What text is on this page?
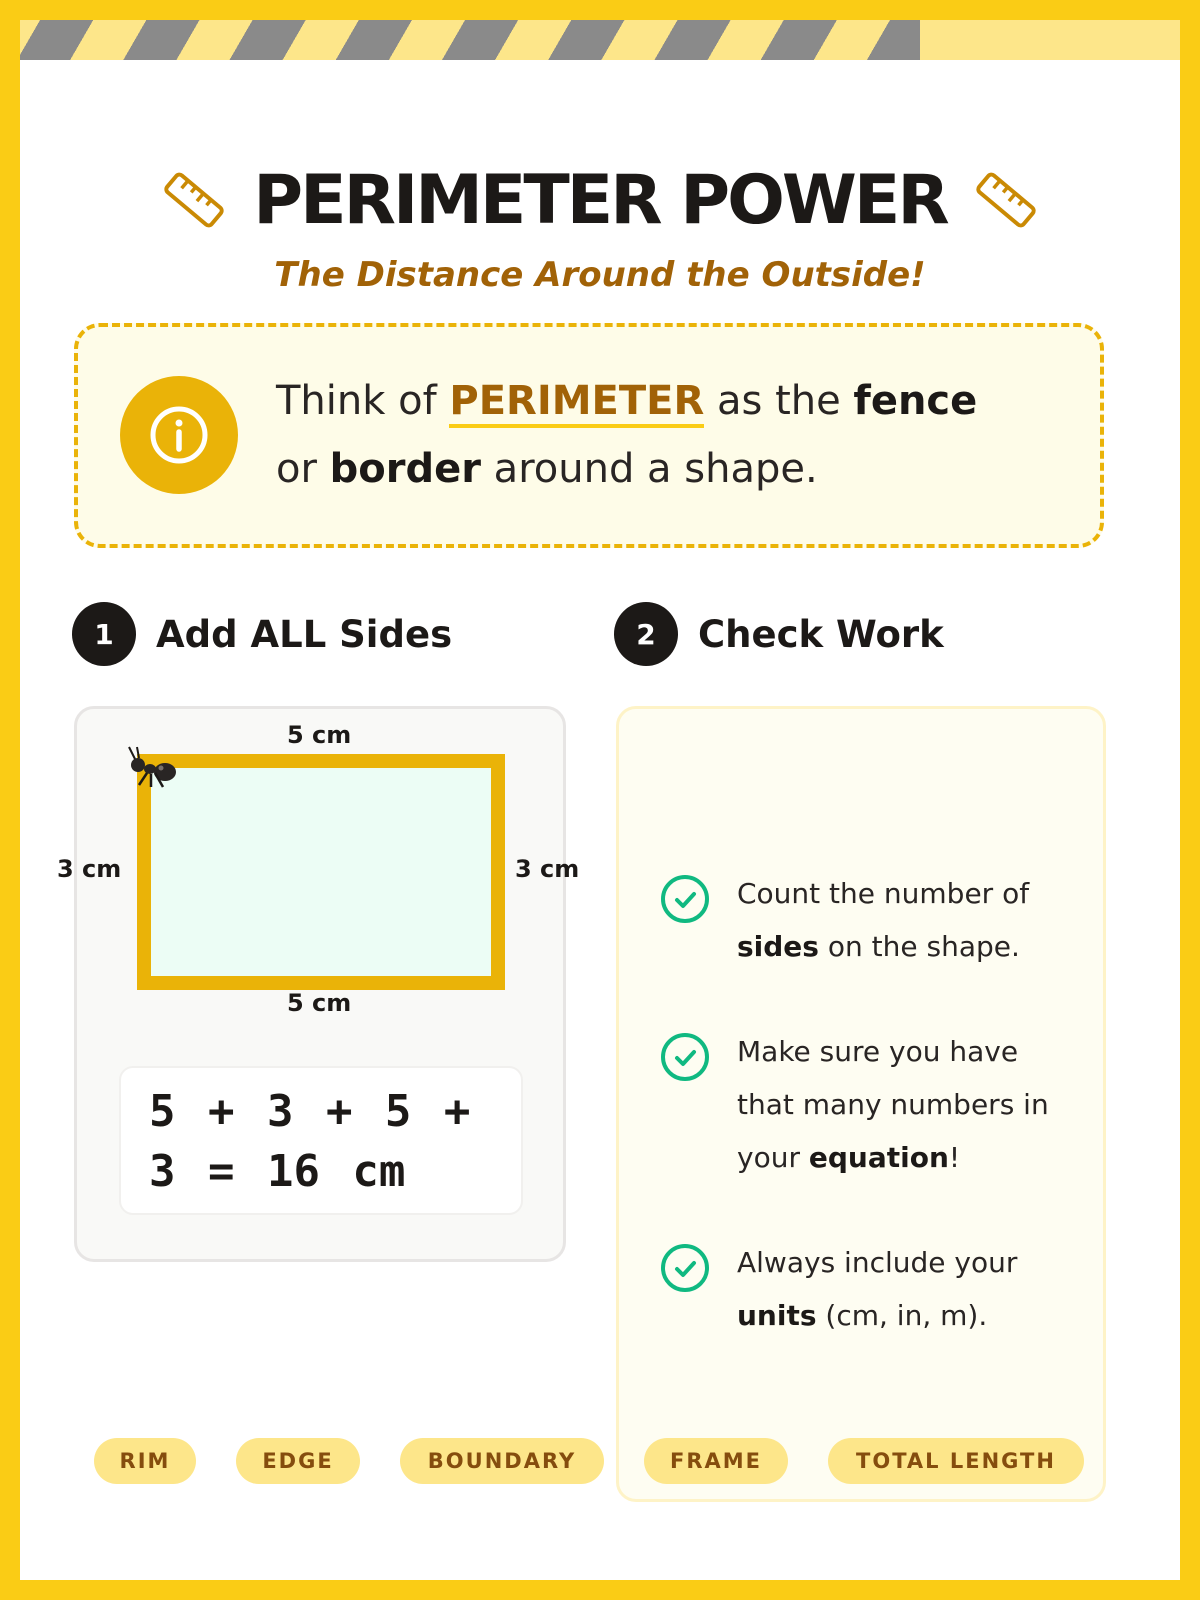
PERIMETER POWER
The Distance Around the Outside!
Think of PERIMETER as the fence
or border around a shape.
1	Add ALL Sides	2	Check Work
5 cm
3 cm	3 cm
5 cm
5 + 3 + 5 + 3 = 16 cm
Count the number of sides on the shape.
Make sure you have that many numbers in your equation!
Always include your units (cm, in, m).
RIM	EDGE	BOUNDARY	FRAME	TOTAL LENGTH
